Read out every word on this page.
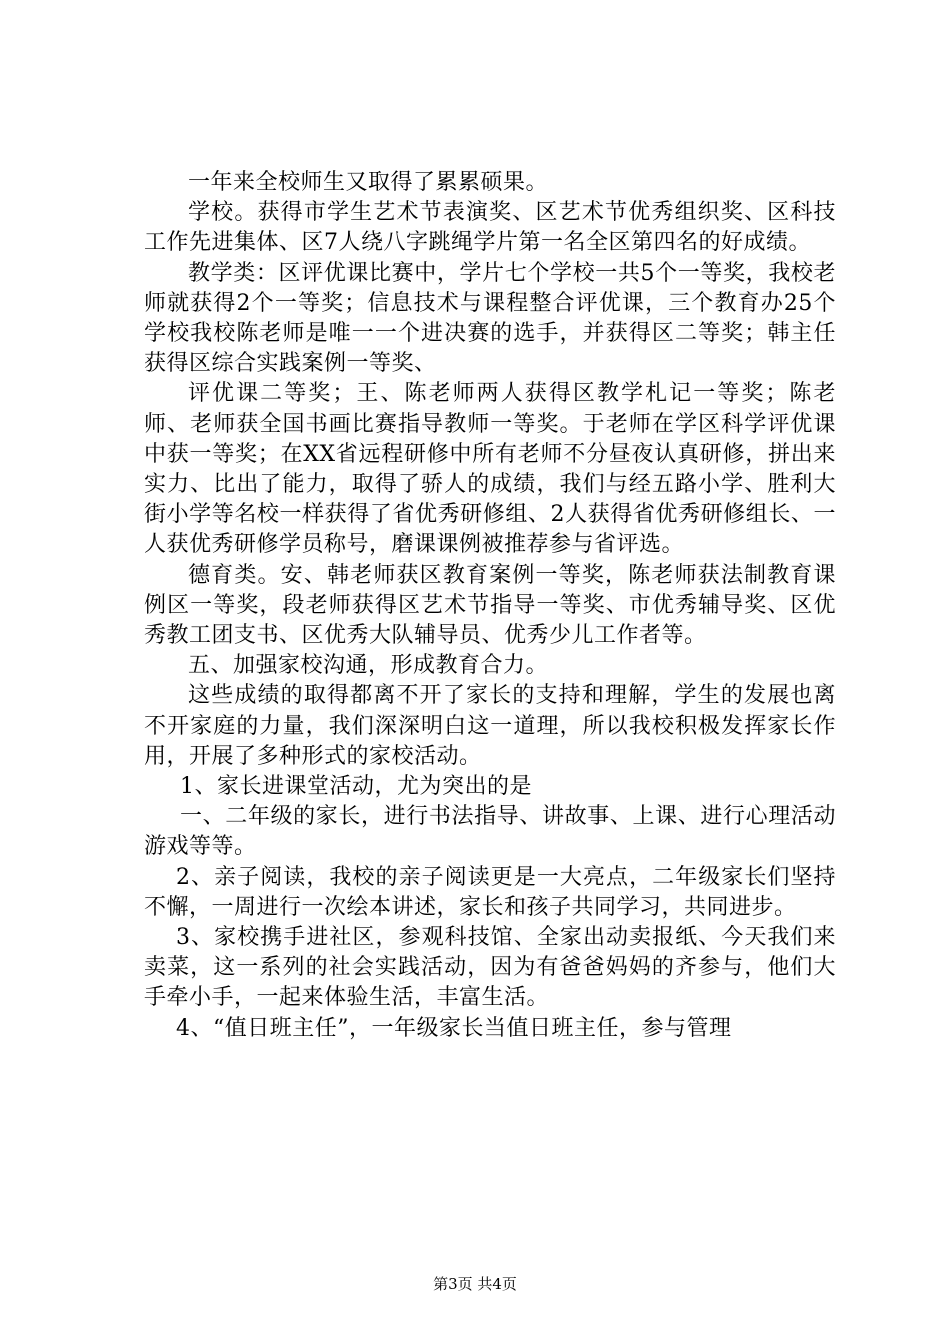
一年来全校师生又取得了累累硕果。

学校。获得市学生艺术节表演奖、区艺术节优秀组织奖、区科技工作先进集体、区7人绕八字跳绳学片第一名全区第四名的好成绩。

教学类：区评优课比赛中，学片七个学校一共5个一等奖，我校老师就获得2个一等奖；信息技术与课程整合评优课，三个教育办25个学校我校陈老师是唯一一个进决赛的选手，并获得区二等奖；韩主任获得区综合实践案例一等奖、

评优课二等奖；王、陈老师两人获得区教学札记一等奖；陈老师、老师获全国书画比赛指导教师一等奖。于老师在学区科学评优课中获一等奖；在XX省远程研修中所有老师不分昼夜认真研修，拼出来实力、比出了能力，取得了骄人的成绩，我们与经五路小学、胜利大街小学等名校一样获得了省优秀研修组、2人获得省优秀研修组长、一人获优秀研修学员称号，磨课课例被推荐参与省评选。

德育类。安、韩老师获区教育案例一等奖，陈老师获法制教育课例区一等奖，段老师获得区艺术节指导一等奖、市优秀辅导奖、区优秀教工团支书、区优秀大队辅导员、优秀少儿工作者等。

五、加强家校沟通，形成教育合力。

这些成绩的取得都离不开了家长的支持和理解，学生的发展也离不开家庭的力量，我们深深明白这一道理，所以我校积极发挥家长作用，开展了多种形式的家校活动。

1、家长进课堂活动，尤为突出的是

一、二年级的家长，进行书法指导、讲故事、上课、进行心理活动游戏等等。

2、亲子阅读，我校的亲子阅读更是一大亮点，二年级家长们坚持不懈，一周进行一次绘本讲述，家长和孩子共同学习，共同进步。

3、家校携手进社区，参观科技馆、全家出动卖报纸、今天我们来卖菜，这一系列的社会实践活动，因为有爸爸妈妈的齐参与，他们大手牵小手，一起来体验生活，丰富生活。

4、“值日班主任”，一年级家长当值日班主任，参与管理

第3页 共4页
